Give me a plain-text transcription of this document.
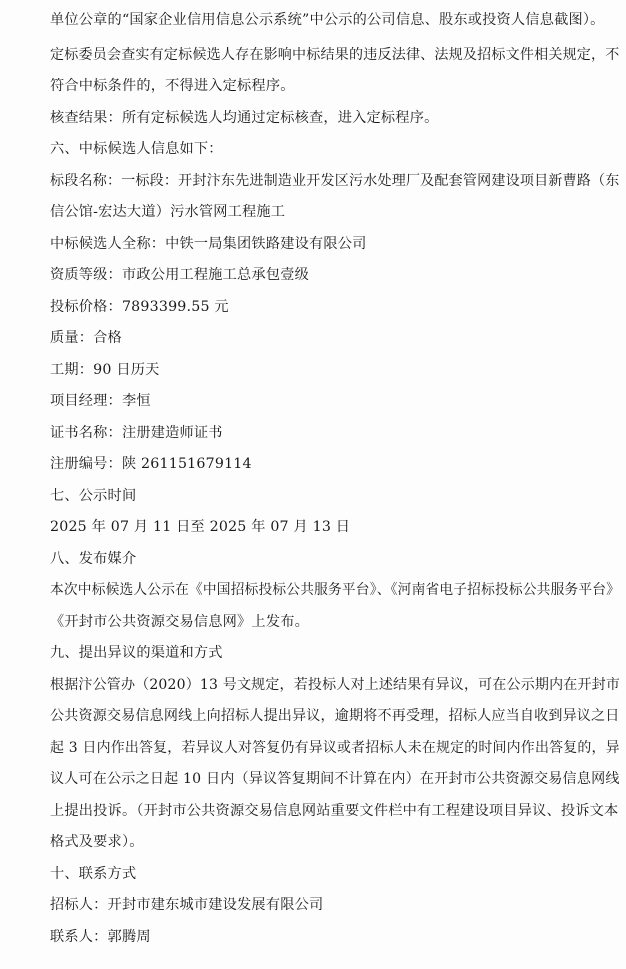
单位公章的“国家企业信用信息公示系统”中公示的公司信息、股东或投资人信息截图）。
定标委员会查实有定标候选人存在影响中标结果的违反法律、法规及招标文件相关规定，不
符合中标条件的，不得进入定标程序。
核查结果：所有定标候选人均通过定标核查，进入定标程序。
六、中标候选人信息如下：
标段名称：一标段：开封汴东先进制造业开发区污水处理厂及配套管网建设项目新曹路（东
信公馆-宏达大道）污水管网工程施工
中标候选人全称：中铁一局集团铁路建设有限公司
资质等级：市政公用工程施工总承包壹级
投标价格：7893399.55 元
质量：合格
工期：90 日历天
项目经理：李恒
证书名称：注册建造师证书
注册编号：陕 261151679114
七、公示时间
2025 年 07 月 11 日至 2025 年 07 月 13 日
八、发布媒介
本次中标候选人公示在《中国招标投标公共服务平台》、《河南省电子招标投标公共服务平台》
《开封市公共资源交易信息网》上发布。
九、提出异议的渠道和方式
根据汴公管办（2020）13 号文规定，若投标人对上述结果有异议，可在公示期内在开封市
公共资源交易信息网线上向招标人提出异议，逾期将不再受理，招标人应当自收到异议之日
起 3 日内作出答复，若异议人对答复仍有异议或者招标人未在规定的时间内作出答复的，异
议人可在公示之日起 10 日内（异议答复期间不计算在内）在开封市公共资源交易信息网线
上提出投诉。（开封市公共资源交易信息网站重要文件栏中有工程建设项目异议、投诉文本
格式及要求）。
十、联系方式
招标人：开封市建东城市建设发展有限公司
联系人：郭腾周
